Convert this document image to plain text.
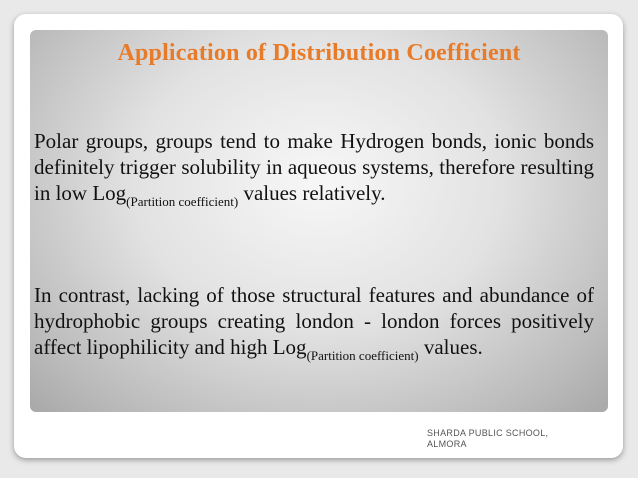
Application of Distribution Coefficient

Polar groups, groups tend to make Hydrogen bonds, ionic bonds definitely trigger solubility in aqueous systems, therefore resulting in low Log$_{(Partition coefficient)}$ values relatively.

In contrast, lacking of those structural features and abundance of hydrophobic groups creating london - london forces positively affect lipophilicity and high Log$_{(Partition coefficient)}$ values.

SHARDA PUBLIC SCHOOL,
ALMORA
